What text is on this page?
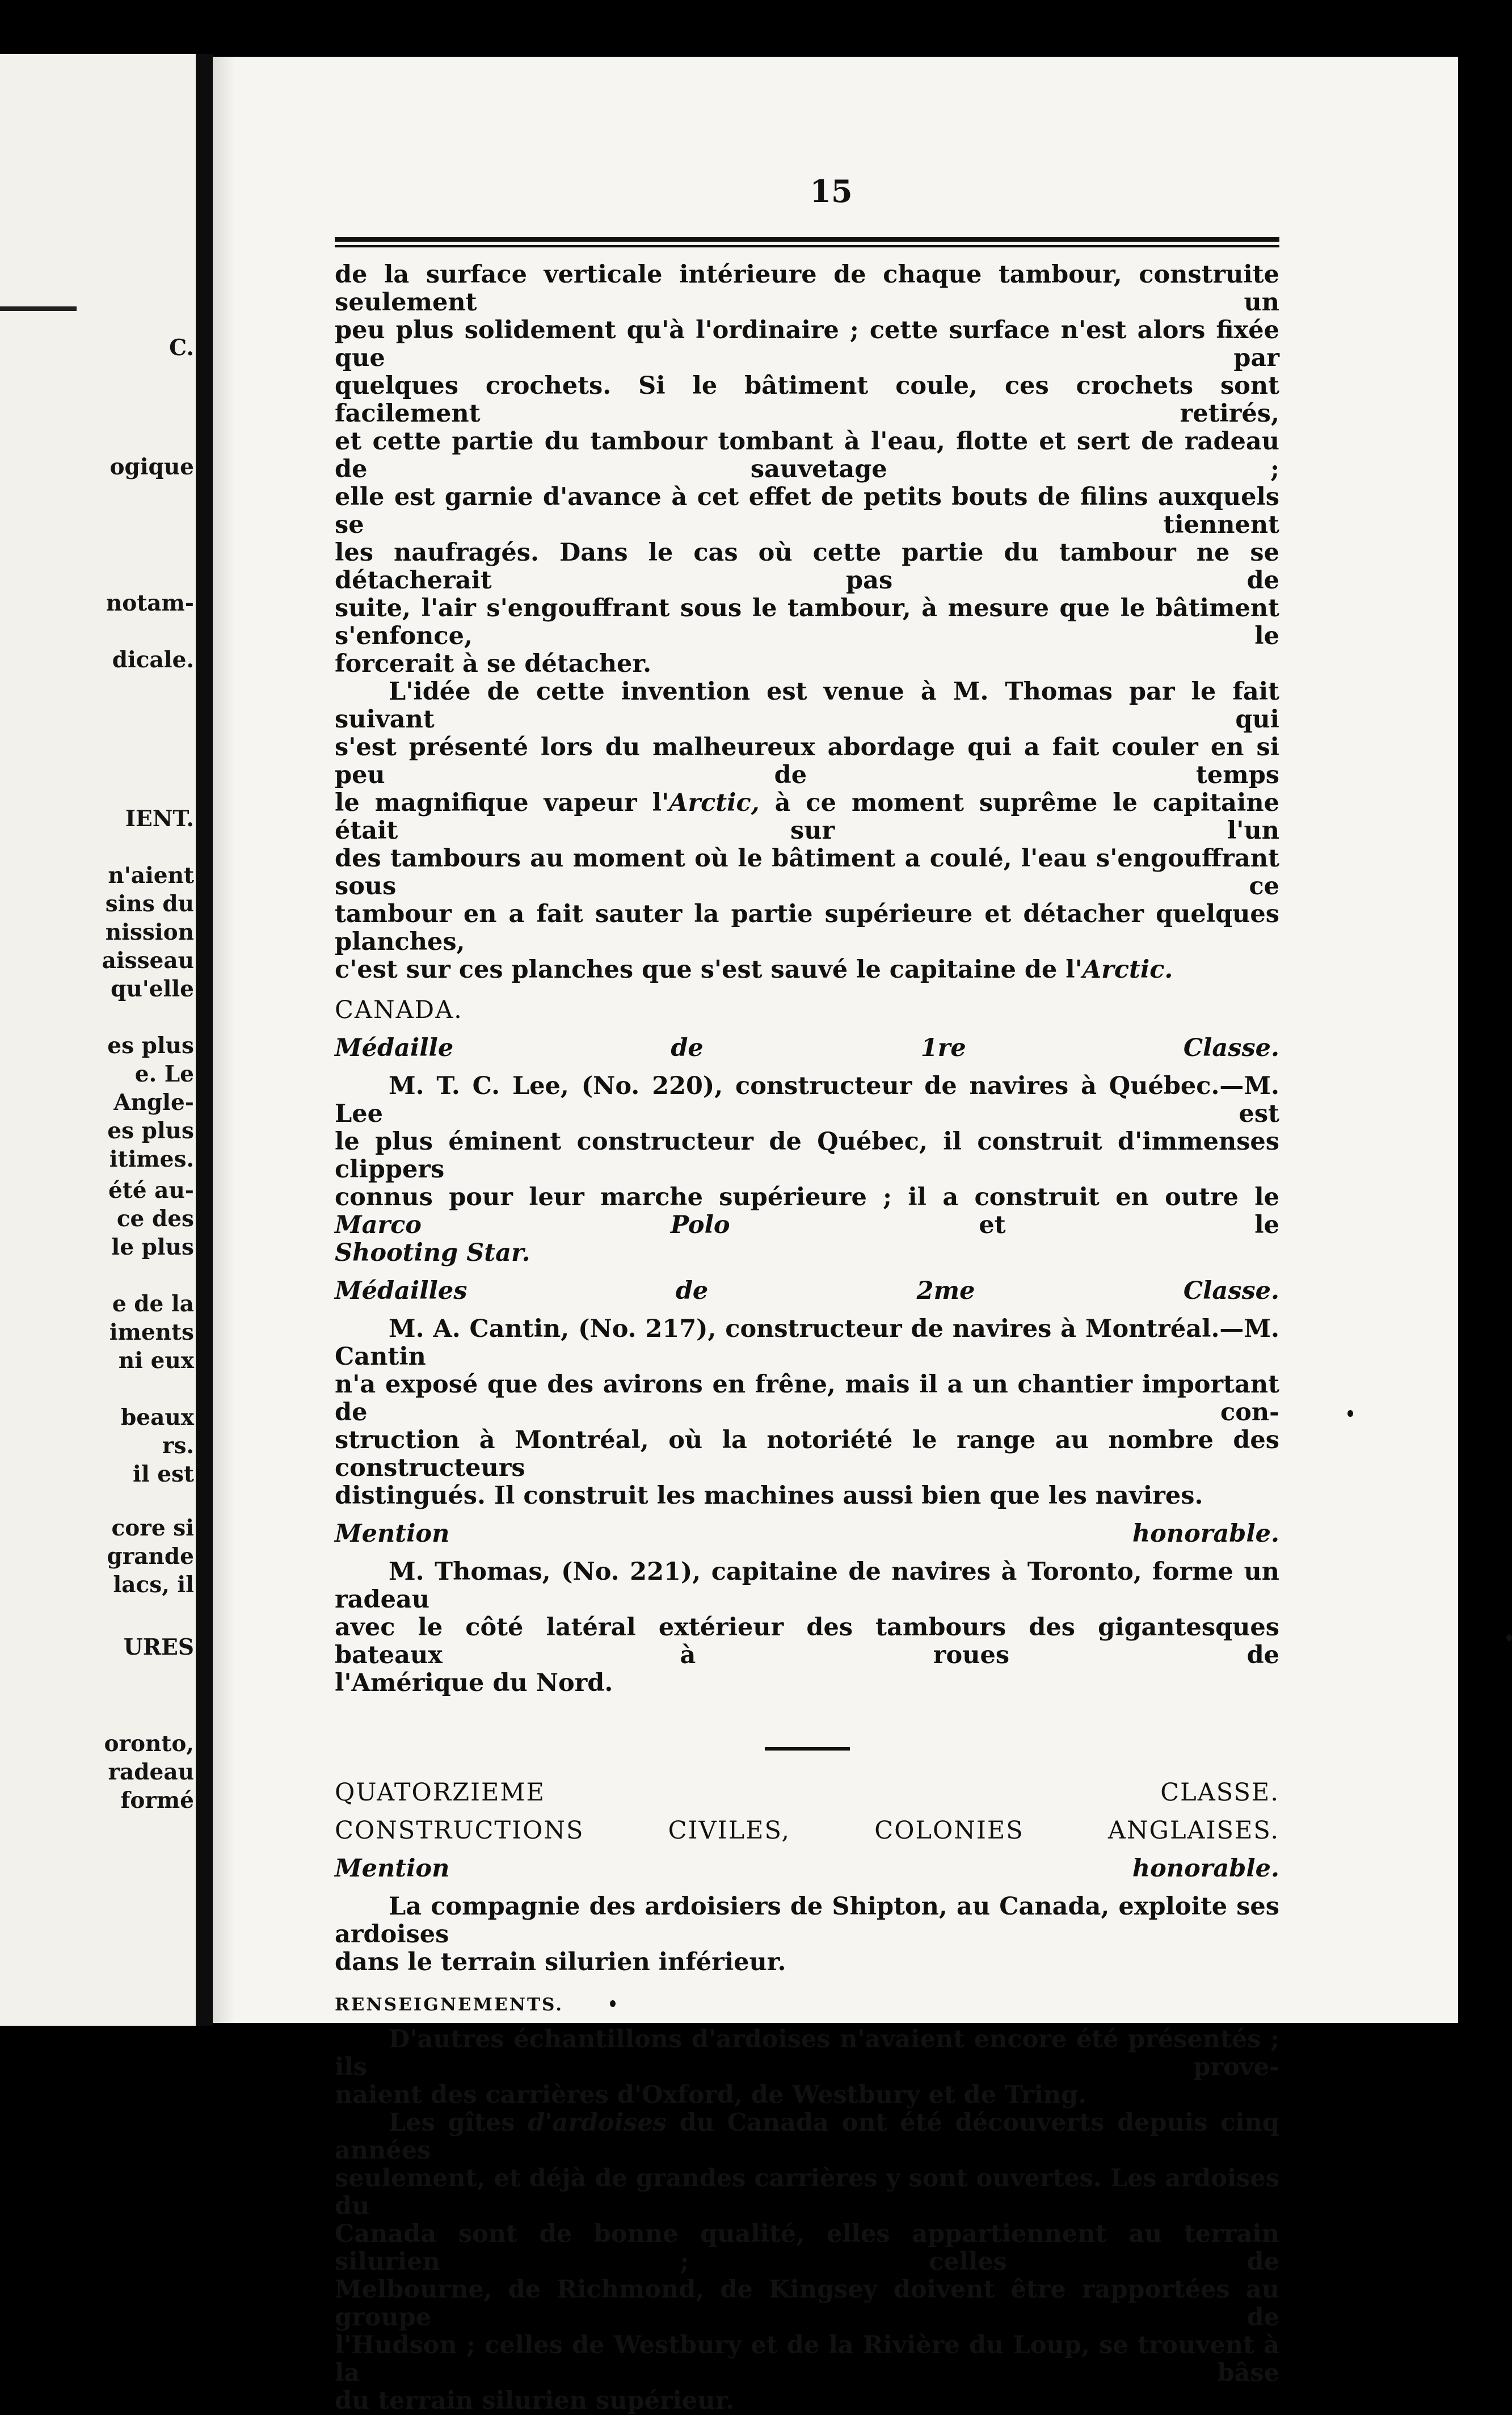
C.
ogique
notam-
dicale.
IENT.
n'aient
sins du
nission
aisseau
qu'elle
es plus
e. Le
Angle-
es plus
itimes.
été au-
ce des
le plus
e de la
iments
ni eux
beaux
rs.
il est
core si
grande
lacs, il
URES
oronto,
radeau
formé
15

de la surface verticale intérieure de chaque tambour, construite seulement un

peu plus solidement qu'à l'ordinaire ; cette surface n'est alors fixée que par

quelques crochets. Si le bâtiment coule, ces crochets sont facilement retirés,

et cette partie du tambour tombant à l'eau, flotte et sert de radeau de sauvetage ;

elle est garnie d'avance à cet effet de petits bouts de filins auxquels se tiennent

les naufragés. Dans le cas où cette partie du tambour ne se détacherait pas de

suite, l'air s'engouffrant sous le tambour, à mesure que le bâtiment s'enfonce, le

forcerait à se détacher.

L'idée de cette invention est venue à M. Thomas par le fait suivant qui

s'est présenté lors du malheureux abordage qui a fait couler en si peu de temps

le magnifique vapeur l'Arctic, à ce moment suprême le capitaine était sur l'un

des tambours au moment où le bâtiment a coulé, l'eau s'engouffrant sous ce

tambour en a fait sauter la partie supérieure et détacher quelques planches,

c'est sur ces planches que s'est sauvé le capitaine de l'Arctic.

CANADA.

Médaille de 1re Classe.

M. T. C. Lee, (No. 220), constructeur de navires à Québec.—M. Lee est

le plus éminent constructeur de Québec, il construit d'immenses clippers

connus pour leur marche supérieure ; il a construit en outre le Marco Polo et le

Shooting Star.

Médailles de 2me Classe.

M. A. Cantin, (No. 217), constructeur de navires à Montréal.—M. Cantin

n'a exposé que des avirons en frêne, mais il a un chantier important de con-

struction à Montréal, où la notoriété le range au nombre des constructeurs

distingués. Il construit les machines aussi bien que les navires.

Mention honorable.

M. Thomas, (No. 221), capitaine de navires à Toronto, forme un radeau

avec le côté latéral extérieur des tambours des gigantesques bateaux à roues de

l'Amérique du Nord.

QUATORZIEME CLASSE.

CONSTRUCTIONS CIVILES, COLONIES ANGLAISES.

Mention honorable.

La compagnie des ardoisiers de Shipton, au Canada, exploite ses ardoises

dans le terrain silurien inférieur.

RENSEIGNEMENTS.

D'autres échantillons d'ardoises n'avaient encore été présentés ; ils prove-

naient des carrières d'Oxford, de Westbury et de Tring.

Les gîtes d'ardoises du Canada ont été découverts depuis cinq années

seulement, et déjà de grandes carrières y sont ouvertes. Les ardoises du

Canada sont de bonne qualité, elles appartiennent au terrain silurien ; celles de

Melbourne, de Richmond, de Kingsey doivent être rapportées au groupe de

l'Hudson ; celles de Westbury et de la Rivière du Loup, se trouvent à la bâse

du terrain silurien supérieur.
